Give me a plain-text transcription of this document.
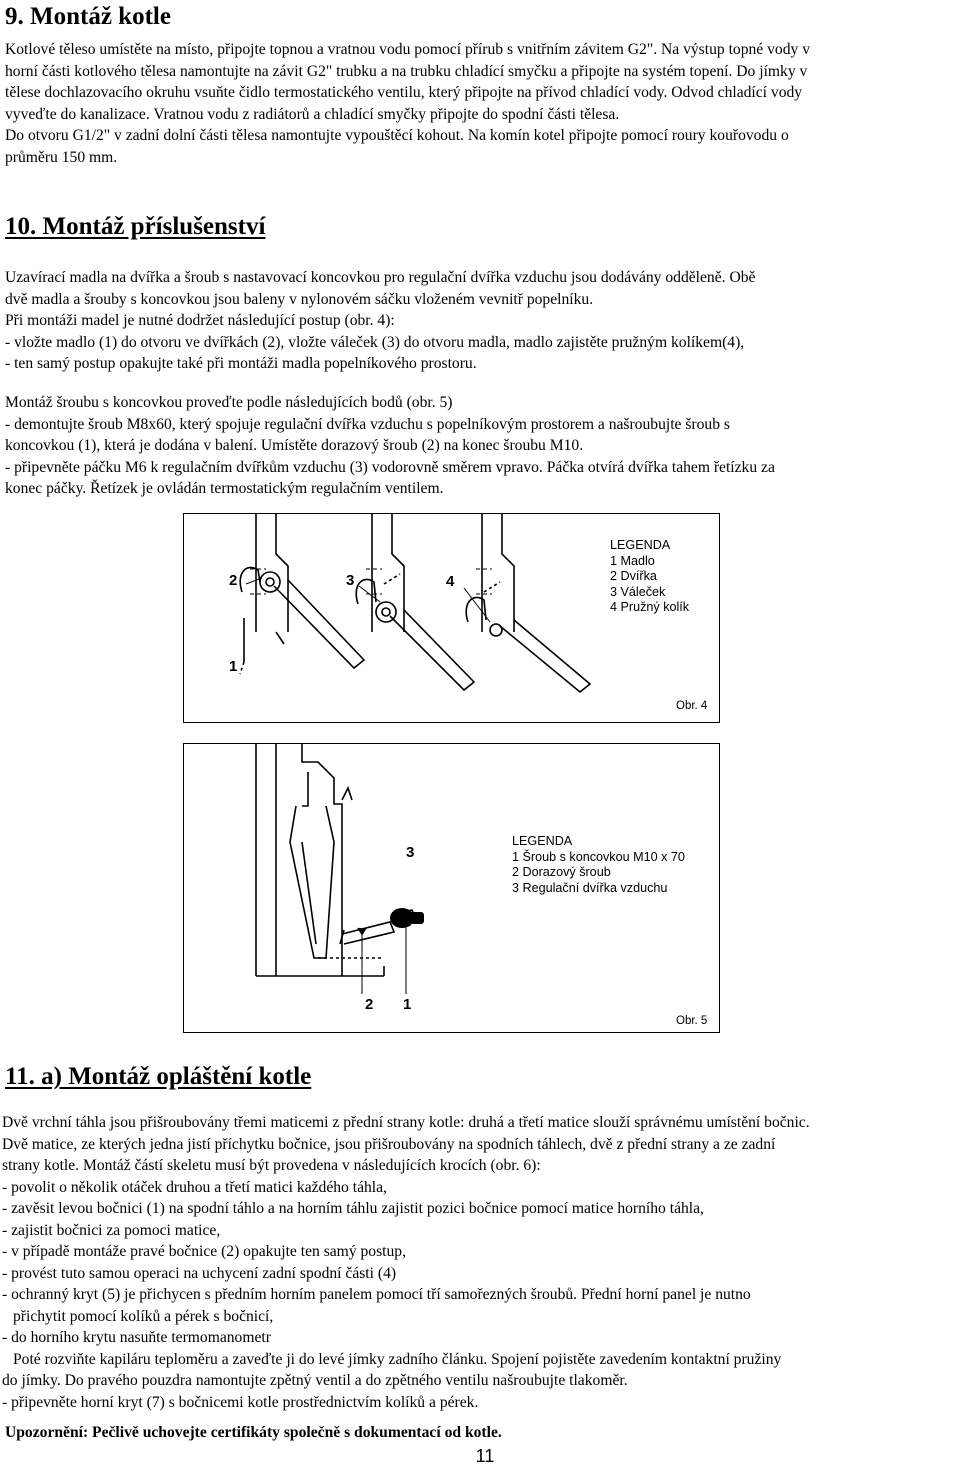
9. Montáž kotle
Kotlové těleso umístěte na místo, připojte topnou a vratnou vodu pomocí přírub s vnitřním závitem G2". Na výstup topné vody v
horní části kotlového tělesa namontujte na závit G2" trubku a na trubku chladící smyčku a připojte na systém topení. Do jímky v
tělese dochlazovacího okruhu vsuňte čidlo termostatického ventilu, který připojte na přívod chladící vody. Odvod chladící vody
vyveďte do kanalizace. Vratnou vodu z radiátorů a chladící smyčky připojte do spodní části tělesa.
Do otvoru G1/2" v zadní dolní části tělesa namontujte vypouštěcí kohout. Na komín kotel připojte pomocí roury kouřovodu o
průměru 150 mm.
10. Montáž příslušenství
Uzavírací madla na dvířka a šroub s nastavovací koncovkou pro regulační dvířka vzduchu jsou dodávány odděleně. Obě
dvě madla a šrouby s koncovkou jsou baleny v nylonovém sáčku vloženém vevnitř popelníku.
Při montáži madel je nutné dodržet následující postup (obr. 4):
- vložte madlo (1) do otvoru ve dvířkách (2), vložte váleček (3) do otvoru madla, madlo zajistěte pružným kolíkem(4),
- ten samý postup opakujte také při montáži madla popelníkového prostoru.
Montáž šroubu s koncovkou proveďte podle následujících bodů (obr. 5)
- demontujte šroub M8x60, který spojuje regulační dvířka vzduchu s popelníkovým prostorem a našroubujte šroub s
koncovkou (1), která je dodána v balení. Umístěte dorazový šroub (2) na konec šroubu M10.
- připevněte páčku M6 k regulačním dvířkům vzduchu (3) vodorovně směrem vpravo. Páčka otvírá dvířka tahem řetízku za
konec páčky. Řetízek je ovládán termostatickým regulačním ventilem.
2	3	4
1
LEGENDA
1 Madlo
2 Dvířka
3 Váleček
4 Pružný kolík
Obr. 4
3
2 1
LEGENDA
1 Šroub s koncovkou M10 x 70
2 Dorazový šroub
3 Regulační dvířka vzduchu
Obr. 5
11. a) Montáž opláštění kotle
Dvě vrchní táhla jsou přišroubovány třemi maticemi z přední strany kotle: druhá a třetí matice slouží správnému umístění bočnic.
Dvě matice, ze kterých jedna jistí příchytku bočnice, jsou přišroubovány na spodních táhlech, dvě z přední strany a ze zadní
strany kotle. Montáž částí skeletu musí být provedena v následujících krocích (obr. 6):
- povolit o několik otáček druhou a třetí matici každého táhla,
- zavěsit levou bočnici (1) na spodní táhlo a na horním táhlu zajistit pozici bočnice pomocí matice horního táhla,
- zajistit bočnici za pomoci matice,
- v případě montáže pravé bočnice (2) opakujte ten samý postup,
- provést tuto samou operaci na uchycení zadní spodní části (4)
- ochranný kryt (5) je přichycen s předním horním panelem pomocí tří samořezných šroubů. Přední horní panel je nutno
přichytit pomocí kolíků a pérek s bočnicí,
- do horního krytu nasuňte termomanometr
Poté rozviňte kapiláru teploměru a zaveďte ji do levé jímky zadního článku. Spojení pojistěte zavedením kontaktní pružiny
do jímky. Do pravého pouzdra namontujte zpětný ventil a do zpětného ventilu našroubujte tlakoměr.
- připevněte horní kryt (7) s bočnicemi kotle prostřednictvím kolíků a pérek.
Upozornění: Pečlivě uchovejte certifikáty společně s dokumentací od kotle.
11
